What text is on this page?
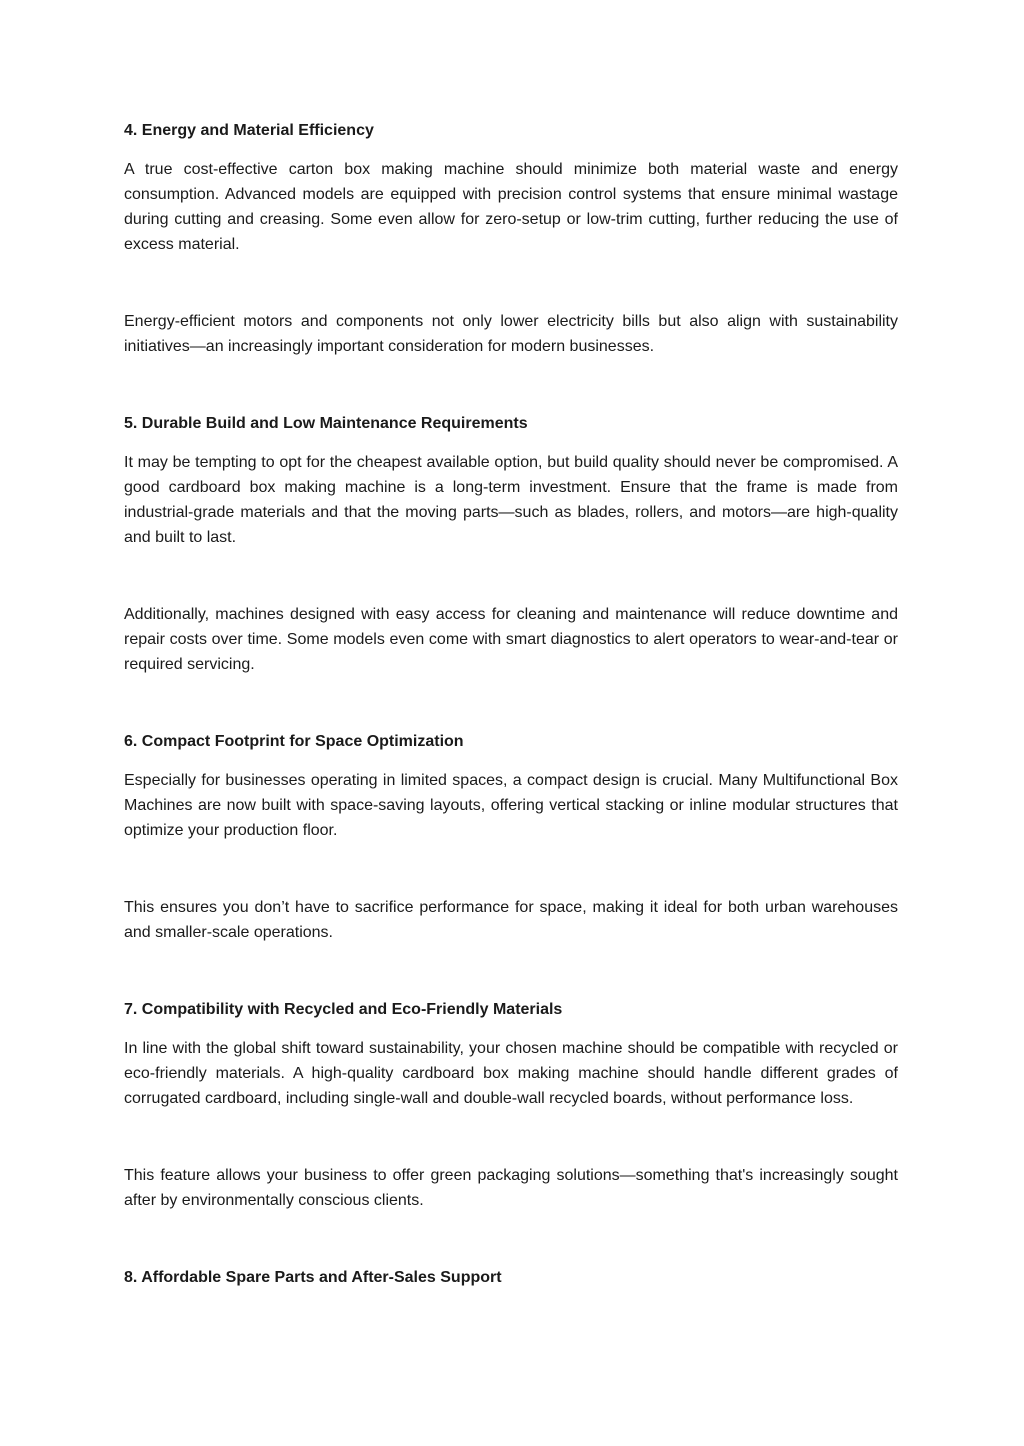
4. Energy and Material Efficiency

A true cost-effective carton box making machine should minimize both material waste and energy consumption. Advanced models are equipped with precision control systems that ensure minimal wastage during cutting and creasing. Some even allow for zero-setup or low-trim cutting, further reducing the use of excess material.

Energy-efficient motors and components not only lower electricity bills but also align with sustainability initiatives—an increasingly important consideration for modern businesses.

5. Durable Build and Low Maintenance Requirements

It may be tempting to opt for the cheapest available option, but build quality should never be compromised. A good cardboard box making machine is a long-term investment. Ensure that the frame is made from industrial-grade materials and that the moving parts—such as blades, rollers, and motors—are high-quality and built to last.

Additionally, machines designed with easy access for cleaning and maintenance will reduce downtime and repair costs over time. Some models even come with smart diagnostics to alert operators to wear-and-tear or required servicing.

6. Compact Footprint for Space Optimization

Especially for businesses operating in limited spaces, a compact design is crucial. Many Multifunctional Box Machines are now built with space-saving layouts, offering vertical stacking or inline modular structures that optimize your production floor.

This ensures you don’t have to sacrifice performance for space, making it ideal for both urban warehouses and smaller-scale operations.

7. Compatibility with Recycled and Eco-Friendly Materials

In line with the global shift toward sustainability, your chosen machine should be compatible with recycled or eco-friendly materials. A high-quality cardboard box making machine should handle different grades of corrugated cardboard, including single-wall and double-wall recycled boards, without performance loss.

This feature allows your business to offer green packaging solutions—something that's increasingly sought after by environmentally conscious clients.

8. Affordable Spare Parts and After-Sales Support
